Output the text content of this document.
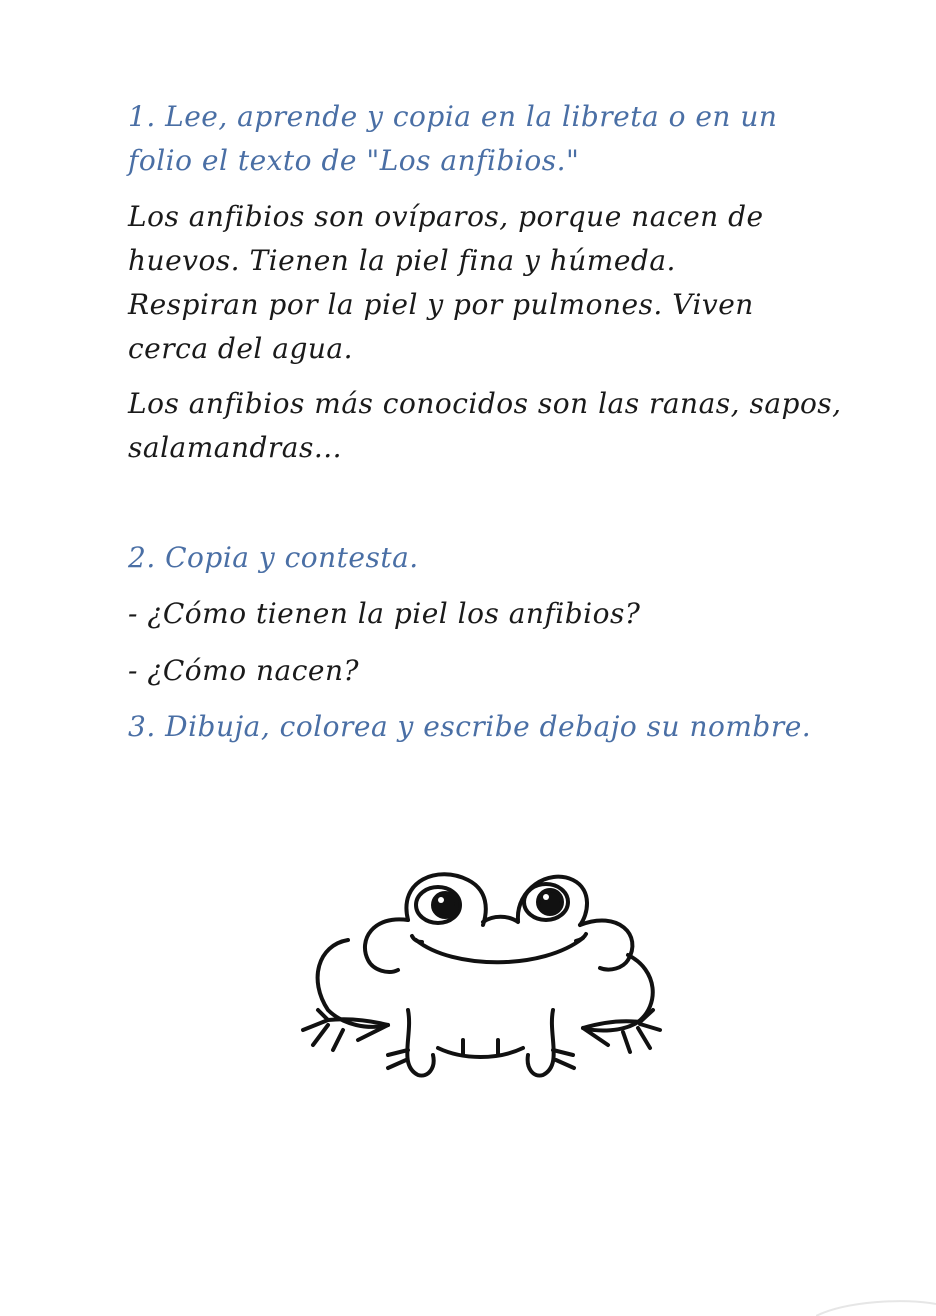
1. Lee, aprende y copia en la libreta o en un

folio el texto de "Los anfibios."

Los anfibios son ovíparos, porque nacen de

huevos. Tienen la piel fina y húmeda.

Respiran por la piel y por pulmones. Viven

cerca del agua.

Los anfibios más conocidos son las ranas, sapos,

salamandras...

2. Copia y contesta.

- ¿Cómo tienen la piel los anfibios?

- ¿Cómo nacen?

3. Dibuja, colorea y escribe debajo su nombre.
